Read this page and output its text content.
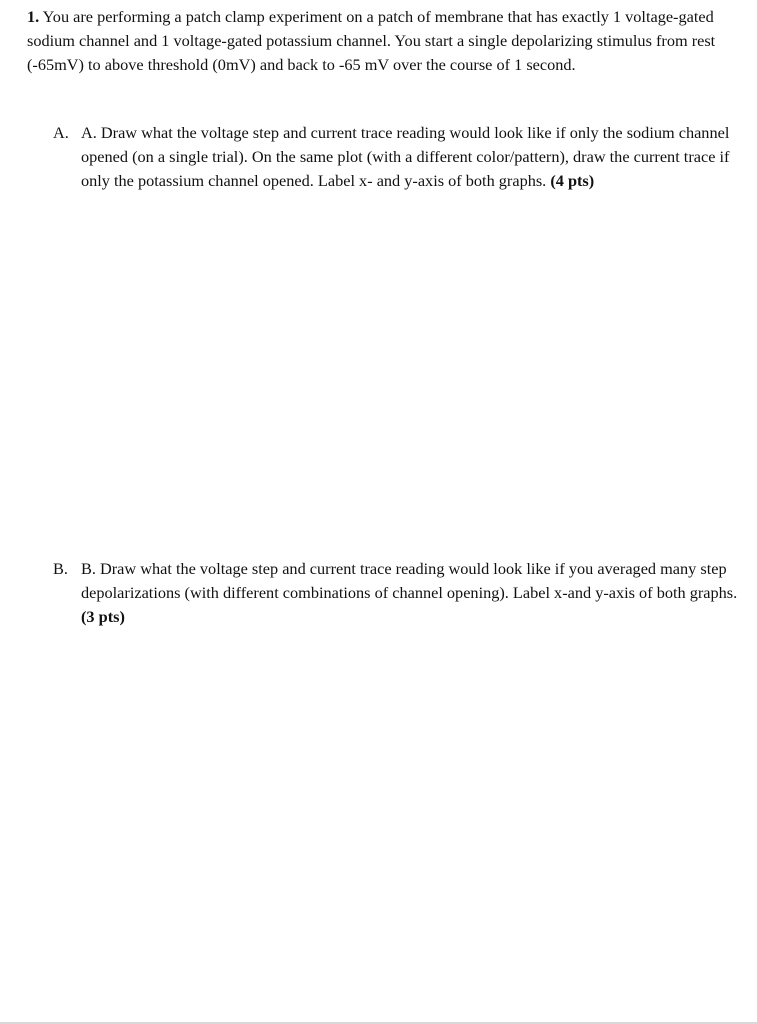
1. You are performing a patch clamp experiment on a patch of membrane that has exactly 1 voltage-gated sodium channel and 1 voltage-gated potassium channel. You start a single depolarizing stimulus from rest (-65mV) to above threshold (0mV) and back to -65 mV over the course of 1 second.

A. A. Draw what the voltage step and current trace reading would look like if only the sodium channel opened (on a single trial). On the same plot (with a different color/pattern), draw the current trace if only the potassium channel opened. Label x- and y-axis of both graphs. (4 pts)
B. B. Draw what the voltage step and current trace reading would look like if you averaged many step depolarizations (with different combinations of channel opening). Label x-and y-axis of both graphs. (3 pts)
